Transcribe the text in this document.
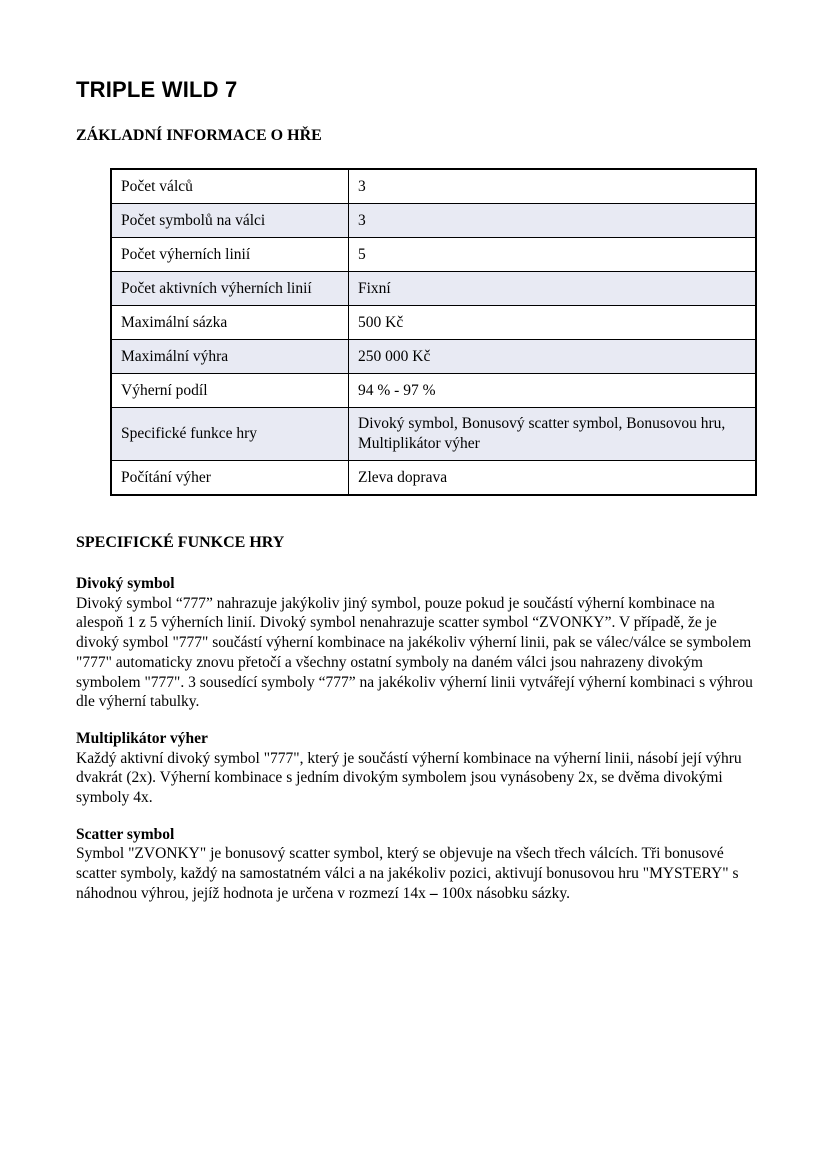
TRIPLE WILD 7
ZÁKLADNÍ INFORMACE O HŘE
Počet válců	3
Počet symbolů na válci	3
Počet výherních linií	5
Počet aktivních výherních linií	Fixní
Maximální sázka	500 Kč
Maximální výhra	250 000 Kč
Výherní podíl	94 % - 97 %
Specifické funkce hry	Divoký symbol, Bonusový scatter symbol, Bonusovou hru, Multiplikátor výher
Počítání výher	Zleva doprava
SPECIFICKÉ FUNKCE HRY
Divoký symbol
Divoký symbol “777” nahrazuje jakýkoliv jiný symbol, pouze pokud je součástí výherní kombinace na alespoň 1 z 5 výherních linií. Divoký symbol nenahrazuje scatter symbol “ZVONKY”. V případě, že je divoký symbol "777" součástí výherní kombinace na jakékoliv výherní linii, pak se válec/válce se symbolem "777" automaticky znovu přetočí a všechny ostatní symboly na daném válci jsou nahrazeny divokým symbolem "777". 3 sousedící symboly “777” na jakékoliv výherní linii vytvářejí výherní kombinaci s výhrou dle výherní tabulky.
Multiplikátor výher
Každý aktivní divoký symbol "777", který je součástí výherní kombinace na výherní linii, násobí její výhru dvakrát (2x). Výherní kombinace s jedním divokým symbolem jsou vynásobeny 2x, se dvěma divokými symboly 4x.
Scatter symbol
Symbol "ZVONKY" je bonusový scatter symbol, který se objevuje na všech třech válcích. Tři bonusové scatter symboly, každý na samostatném válci a na jakékoliv pozici, aktivují bonusovou hru "MYSTERY" s náhodnou výhrou, jejíž hodnota je určena v rozmezí 14x – 100x násobku sázky.
